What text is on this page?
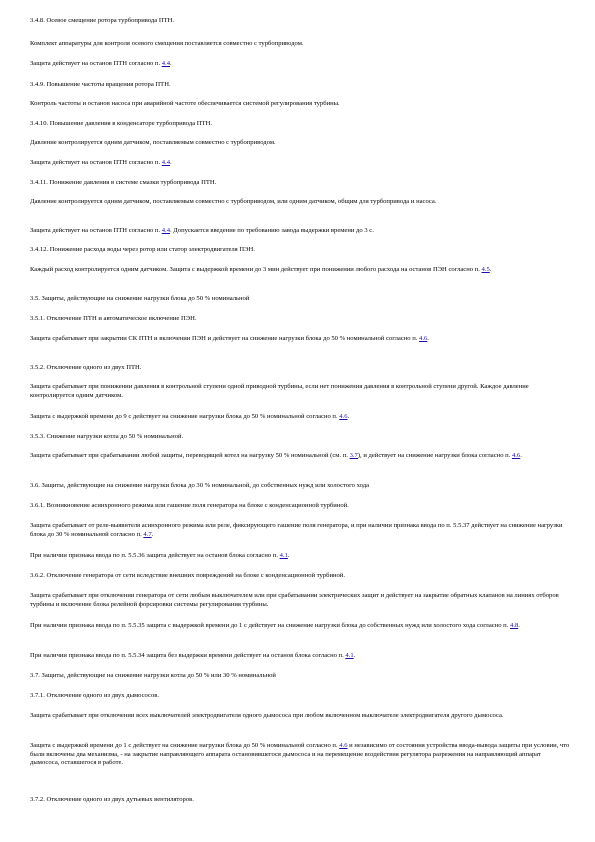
3.4.8. Осевое смещение ротора турбопривода ПТН.

Комплект аппаратуры для контроля осевого смещения поставляется совместно с турбоприводом.

Защита действует на останов ПТН согласно п. 4.4.

3.4.9. Повышение частоты вращения ротора ПТН.

Контроль частоты и останов насоса при аварийной частоте обеспечивается системой регулирования турбины.

3.4.10. Повышение давления в конденсаторе турбопривода ПТН.

Давление контролируется одним датчиком, поставляемым совместно с турбоприводом.

Защита действует на останов ПТН согласно п. 4.4.

3.4.11. Понижение давления в системе смазки турбопривода ПТН.

Давление контролируется одним датчиком, поставляемым совместно с турбоприводом, или одним датчиком, общим для турбопривода и насоса.

Защита действует на останов ПТН согласно п. 4.4. Допускается введение по требованию завода выдержки времени до 3 с.

3.4.12. Понижение расхода воды через ротор или статор электродвигателя ПЭН.

Каждый расход контролируется одним датчиком. Защита с выдержкой времени до 3 мин действует при понижении любого расхода на останов ПЭН согласно п. 4.5.

3.5. Защиты, действующие на снижение нагрузки блока до 50 % номинальной

3.5.1. Отключение ПТН и автоматическое включение ПЭН.

Защита срабатывает при закрытии СК ПТН и включении ПЭН и действует на снижение нагрузки блока до 50 % номинальной согласно п. 4.6.

3.5.2. Отключение одного из двух ПТН.

Защита срабатывает при понижении давления в контрольной ступени одной приводной турбины, если нет понижения давления в контрольной ступени другой. Каждое давление контролируется одним датчиком.

Защита с выдержкой времени до 9 с действует на снижение нагрузки блока до 50 % номинальной согласно п. 4.6.

3.5.3. Снижение нагрузки котла до 50 % номинальной.

Защита срабатывает при срабатывании любой защиты, переводящей котел на нагрузку 50 % номинальной (см. п. 3.7), и действует на снижение нагрузки блока согласно п. 4.6.

3.6. Защиты, действующие на снижение нагрузки блока до 30 % номинальной, до собственных нужд или холостого хода

3.6.1. Возникновение асинхронного режима или гашение поля генератора на блоке с конденсационной турбиной.

Защита срабатывает от реле-выявителя асинхронного режима или реле, фиксирующего гашение поля генератора, и при наличии признака ввода по п. 5.5.37 действует на снижение нагрузки блока до 30 % номинальной согласно п. 4.7.

При наличии признака ввода по п. 5.5.36 защита действует на останов блока согласно п. 4.1.

3.6.2. Отключение генератора от сети вследствие внешних повреждений на блоке с конденсационной турбиной.

Защита срабатывает при отключении генератора от сети любым выключателем или при срабатывании электрических защит и действует на закрытие обратных клапанов на линиях отборов турбины и включение блока релейной форсировки системы регулирования турбины.

При наличии признака ввода по п. 5.5.35 защита с выдержкой времени до 1 с действует на снижение нагрузки блока до собственных нужд или холостого хода согласно п. 4.8.

При наличии признака ввода по п. 5.5.34 защита без выдержки времени действует на останов блока согласно п. 4.1.

3.7. Защиты, действующие на снижение нагрузки котла до 50 % или 30 % номинальной

3.7.1. Отключение одного из двух дымососов.

Защита срабатывает при отключении всех выключателей электродвигателя одного дымососа при любом включенном выключателе электродвигателя другого дымососа.

Защита с выдержкой времени до 1 с действует на снижение нагрузки блока до 50 % номинальной согласно п. 4.6 и независимо от состояния устройства ввода-вывода защиты при условии, что были включены два механизма, - на закрытие направляющего аппарата остановившегося дымососа и на перемещение воздействия регулятора разрежения на направляющий аппарат дымососа, оставшегося в работе.

3.7.2. Отключение одного из двух дутьевых вентиляторов.
